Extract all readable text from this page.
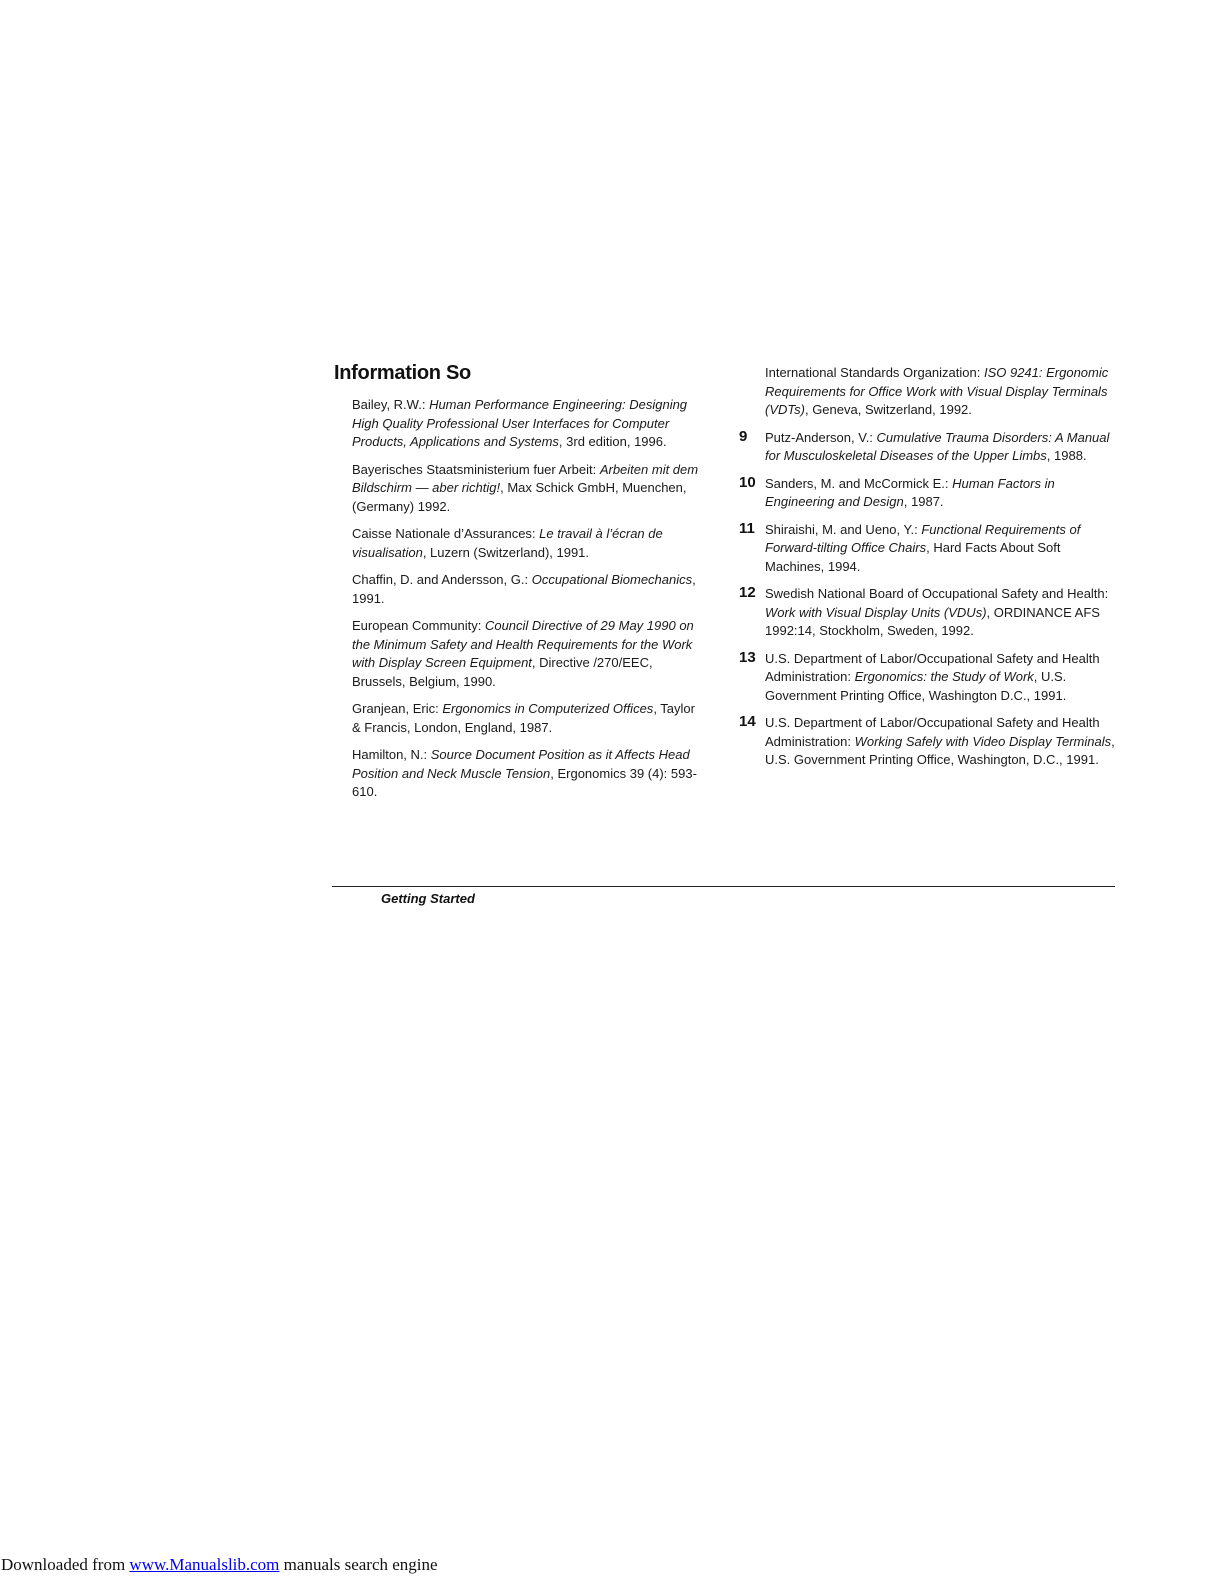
Information So

Bailey, R.W.: Human Performance Engineering: Designing High Quality Professional User Interfaces for Computer Products, Applications and Systems, 3rd edition, 1996.

Bayerisches Staatsministerium fuer Arbeit: Arbeiten mit dem Bildschirm — aber richtig!, Max Schick GmbH, Muenchen, (Germany) 1992.

Caisse Nationale d’Assurances: Le travail à l’écran de visualisation, Luzern (Switzerland), 1991.

Chaffin, D. and Andersson, G.: Occupational Biomechanics, 1991.

European Community: Council Directive of 29 May 1990 on the Minimum Safety and Health Requirements for the Work with Display Screen Equipment, Directive /270/EEC, Brussels, Belgium, 1990.

Granjean, Eric: Ergonomics in Computerized Offices, Taylor & Francis, London, England, 1987.

Hamilton, N.: Source Document Position as it Affects Head Position and Neck Muscle Tension, Ergonomics 39 (4): 593-610.

International Standards Organization: ISO 9241: Ergonomic Requirements for Office Work with Visual Display Terminals (VDTs), Geneva, Switzerland, 1992.

9 Putz-Anderson, V.: Cumulative Trauma Disorders: A Manual for Musculoskeletal Diseases of the Upper Limbs, 1988.

10 Sanders, M. and McCormick E.: Human Factors in Engineering and Design, 1987.

11 Shiraishi, M. and Ueno, Y.: Functional Requirements of Forward-tilting Office Chairs, Hard Facts About Soft Machines, 1994.

12 Swedish National Board of Occupational Safety and Health: Work with Visual Display Units (VDUs), ORDINANCE AFS 1992:14, Stockholm, Sweden, 1992.

13 U.S. Department of Labor/Occupational Safety and Health Administration: Ergonomics: the Study of Work, U.S. Government Printing Office, Washington D.C., 1991.

14 U.S. Department of Labor/Occupational Safety and Health Administration: Working Safely with Video Display Terminals, U.S. Government Printing Office, Washington, D.C., 1991.

Getting Started
Downloaded from www.Manualslib.com manuals search engine
